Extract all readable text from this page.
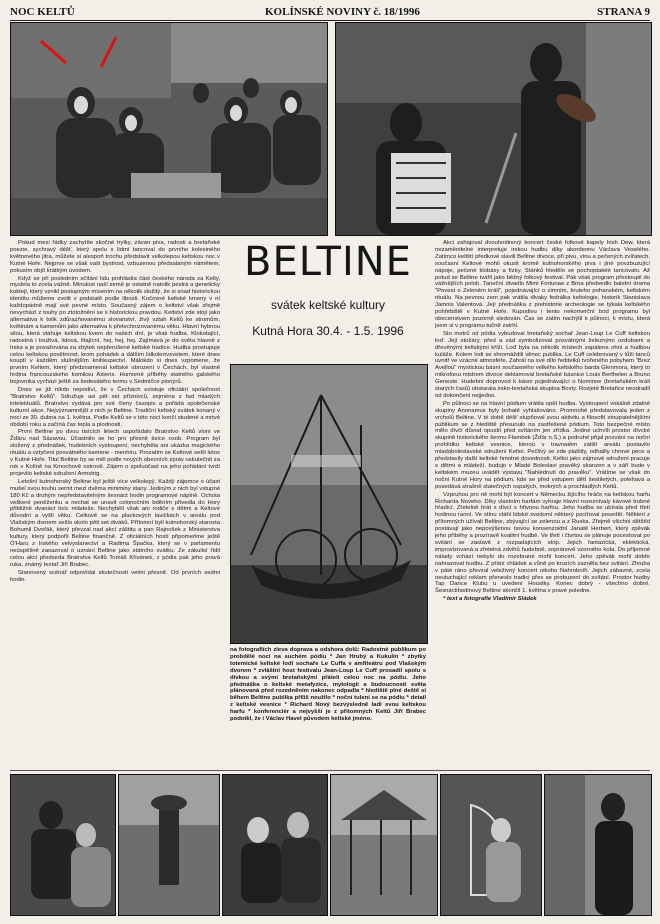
NOC KELTŮ	KOLÍNSKÉ NOVINY č. 18/1996	STRANA 9

Pokud mezi řádky zachytíte skočné trylky, závan piva, radosti a bretaňské poezie, sychravý déšť, který spolu s lidmi tancoval do prvního kolesiného květnového jitra, můžete si alespoň trochu představit velkolepou keltskou noc v Kutné Hoře. Nejprve se však vaši bystrost, vzbuzenou předsalaným námětem, pokusím objít krátkým úvodem.

Když se při posledním sčítání lidu prohlásila část českého národa za Kelty, myslela to zcela vážně. Minulost naší země je ostatně natolik pestrá a geneticky koktejl, který vznikl postupným mísením na několik složitý, že si snad historickou identitu můžeme zvolit v podstatě podle libosti. Kočovné keltské kmeny v ní každopádně mají své pevné místo. Současný zájem o keltství však zřejmě nevychází z touhy po ztotožnění se s historickou pravdou. Keltství zde stojí jako alternativa k tolik zdůrazňovanému slovanství, živý vztah Keltů ke stromům, květinám a kamenům jako alternativa k přetechnizovanému věku. Hlavní hybnou silou, která vtáhuje keltskou kvem do našich dní, je však hudba. Klokotající, radostná i touživá, lidová, lítajícní, hej, hej, hej. Zajímavá je do světa hlavně z Irska a je považována za zbytek nepřerušené keltské tradice. Hudba prostupuje celou keltskou povětrnost, krom pohádek a dálším lidkokrovsvetem, které dnes kouptí v každém slušnějším knihkupectví. Málokdo si dnes vzpomene, že prvním Keltem, který předznamenal keltské obrození v Čechách, byl vlastně hrdina francouzského komiksu Asterix. Humorné příběhy statného galského bojovníka vychází ještě za šedesátého termu v Sedmičce pionýrů.

Dnes se již nikdo nepodiví, že v Čechách existuje oficiální společnost "Bratrstvo Keltů". Sdružuje asi pět set příznivců, zejména z řad mladých intelektuálů. Bratrstvo vydává pro své členy časopis a pořádá společenské kulturní akce. Nejvýznamnější z nich je Beltine. Tradiční keltský svátek konaný v noci ze 30. dubna na 1. května. Podle Keltů se v této noci končí studené a mrtvé období roku a začíná čas tepla a plodnosti.

První Beltine po dvou tisících létech uspořádalo Bratrstvo Keltů vloni ve Žďáru nad Sázavou. Účastnilo se ho pro přesně tisíce osob. Program byl složený z přednášek, hudebních vystoupení, nechyběla ani ukázka magického rituálu a vztyčení posvátného kamene - menhiru. Prozatím se Keltové sešli letos v Kutné Hoře. Titul Beltine by se měl podle nových obecních zpráv uskutečnit za rok v Kolíně na Kmochově ostrově. Zájem o spoluúčast na jeho pořádání tvrdí projevilo keltské sdružení Armstrig.

Letošní kutnohorský Beltine byl ještě více velkolepý. Každý zájemce o účast mušel svou touhu sernit mezi dvěma miniminy stany. Jediným z nich byl vstupné 180 Kč a druhým nepředstavitelným šesnáct hodin programové náplně. Ochota veškeré peněženku a nechat se unavit celonočním bděním přivedla do Hory přibližně dvanáct tisíc mládeže. Nechyběli však ani rodiče s dětmi a Keltové důvodní a vyšlí věku. Celkově se na plackových lavičkách v areálu pod Vlašským dvorem sešlo okolo pěti set diváků. Přítomní byli kutnohorský starosta Bohumil Dvořák, který převzal nad akcí záštitu a pan Rajnošek z Ministerstva kultury, který podpořil Beltine finančně. Z oficiálních hostí připomeňme ještě Ó'Haru z Irského velvyslanectví a Radima Špačka, který se v parlamentu neúspěšně zasazoval o uznání Beltine jako státního svátku. Ze zákulisí řídil celou akci předseda Bratrstva Keltů Tomáš Křivánek, z pódia pak jeho pravá ruka, známý textař Jiří Brabec.

Stanovený scénář odpovídal skutečnosti velmi přesně. Od prvních sedmi hodin.

BELTINE
svátek keltské kultury
Kutná Hora 30.4. - 1.5. 1996
na fotografiích zleva doprava a odshora dolů: Radostné publikum po probdělé noci na suchém pódiu * Jan Hrubý a Kukulín * zbytky totemické keltské lodi sochaře Le Cuffa v amfiteátru pod Vlašským dvorem * zvláštní host festivalu Jean-Loup Le Cuff prosadil spolu s dívkou a svými bretaňskými přáteli celou noc na pódiu. Jeho přednáška o keltské metafyzice, mytologii a budoucnosti světa plánovaná před rozedněním nakonec odpadla * hlediště plné deště si během Beltine publika příliš neužilo * noční tulení se na pódiu * detail z keltské vesnice * Richard Nový bezvýsledně ladí svou keltskou harfu * konferenciér a nejvyšší je z přítomných Keltů Jiří Brabec podotkl, že i Václav Havel původem keltské jméno.

Akci zahajoval dvouhodinový koncert české folkové kapely Irish Dew, která nezaměnitelné interpretuje irskou hudbu díky akordeonu Václava Veselého. Zatímco keltští předkové slavili Beltine divoce, při pivu, vínu a pečených zvířatech, současní Keltové mohli okusit kromě kutnohorského piva i jiné povzbuzující nápoje, pečené klobásy a fízky. Stánků hledělo se pochoptatelé tancovalo. Až potud se Beltine tvářil jako běžný folkový festival. Pak však program přestoupil do vážnějších poloh. Taneční divadlo Mimi Fortunae z Brna předvedlo baletní drama "Povest o Zeleném králi", pojednávající o zimním, kruteho pohanském, keltském rituálu. Na pevnou zem pak vrátila divaky fedrálka keltologie, historik Stanislava Jamnis Valentová. Její přednáška z prehistorie archeologie se týkala keltského pohřebiště v Kutné Hoře. Kupodivu i tento nekomerční bod programu byl obecenstvem pozorně sledován. Čas se zatím nachýlil k půlnoci, k místu, která jsem si v programu tučně zatrhl.

Sto metrů od pódia vybudoval bretaňský sochař Jean-Loup Le Cuff keltskou loď. Její stožáry, před a zád symbolizoval posvátnými železnými ozdobami a dřevěnými keltskými kříži. Loď byla na několik místech zapálena ohni a hudbou kuláže. Kolem lodi se shromáždili věnec publika. Le Cuff celebrovaný v lůži tanců uvnitř ve vzácné atmosféře. Zahrál na své dílo ředitelků tvořeného pobyhem "Brez Avellou" mystickou básní současného velkého keltského barda Glenmora, který to mikrofonu mistrem divoce deklamoval bretaňské básnice Louis Berthelen a Bruno Geneste. Hudební doprovod k básni pojednávající o Nominoe (bretaňském králi starých časů) obstarala irsko-bretaňská skupina Boxty. Rozjeté Bretaňce neodradil od dokončení nejjedno.

Po půlnoci se na hlavní pódium vrátila opět hudba. Vystoupení vokálně zdatné skupiny Anonamus byly bohatě vyhlašováno. Promnohé představovala jeden z vrcholů Beltine. V té době déšť stupňoval svou aktivitu a filosoftí stoupatelnějšími publikum se z hlediště přesunulo na zastřešené pódium. Toto bezpečné místo mělo dívčí důvod opustit před svítáním jen zřídka. Jediné uchvíli prostor dívcké skupině historického šermu Flambek (Žďár n.S.) a podruhé přijal pozvání na noční prohlídku keltské vesnice, kterou v travnatém zátiší areálu postavilo mladoboleslavské sdružení Keltoi. Pečlivý se zde plaštily, odhalily chrové pece a představily další keltské hmotné dovednosti. Keltoi jako zájmové sdružení pracuje s dětmi a mládeží, budujo v Mladé Boleslavi pravěký skanzen a v září bude v keltském muzeu uvádět výstavu "Nahlédnutí do pravěku". Vrátíme se však do noční Kutné Hory na pódium, kde se před vstupem dětí šestiletých, polehavá a posedává strašně statečných ospalých, mokrých a prochladlých Keltů.

Vzpruhou pro ně mohl být koncert v Německu žijícího hráče na keltskou harfu Richarda Noveho. Díky vlastním harfám vyhraje hlavní rozeznívaly kávové trubné hřadicí. Zřetelně hrát s dívcí s hřivnou harfou. Jeho hudba se ubírala před třetí hodinou ranní. Ve stínu vtáhl lidské svedomí některý pociťoval posedítí. Některí z přítomných užívali Beltine, zbývající se zelenou a z Ruska. Zřejmě všichni dětštíd postávají jako nepovýšenou novou konsenzoidní Janatě Herbert, který zpěvák jeho příběhy a prozíravě kvalitní hudbě. Ve třetí i čtvrtou se plánuje pocestovat po svitání se zastavit z rozpadajících stop. Jejich fantazická, eklektická, improvizovaná a zřetelná zdvihů hudebně, sopránově vzorného kola. Do příjemné nálady vchází nebylo do rozebrané mohl koncert. Jeho zpěvák mohl dobře nahrazovat hudbu. Z přání chládek a vůně po kruzích zazněla bez svitání. Zhruba v páté ráno převzal veleživný koncert nikoho Nahrobníh. Jejich zábavné, zcela neutuchající reklam přeneslo tradici přes se probuzení do svítání. Prostor hudby Tap Dance Klubu u uvedení Houstky. Konec dobrý - všechno dobré. Šesnáctihodinový Beltine skončil 1. května v pravé poledne.

* text a fotografie Vladimír Sládek
